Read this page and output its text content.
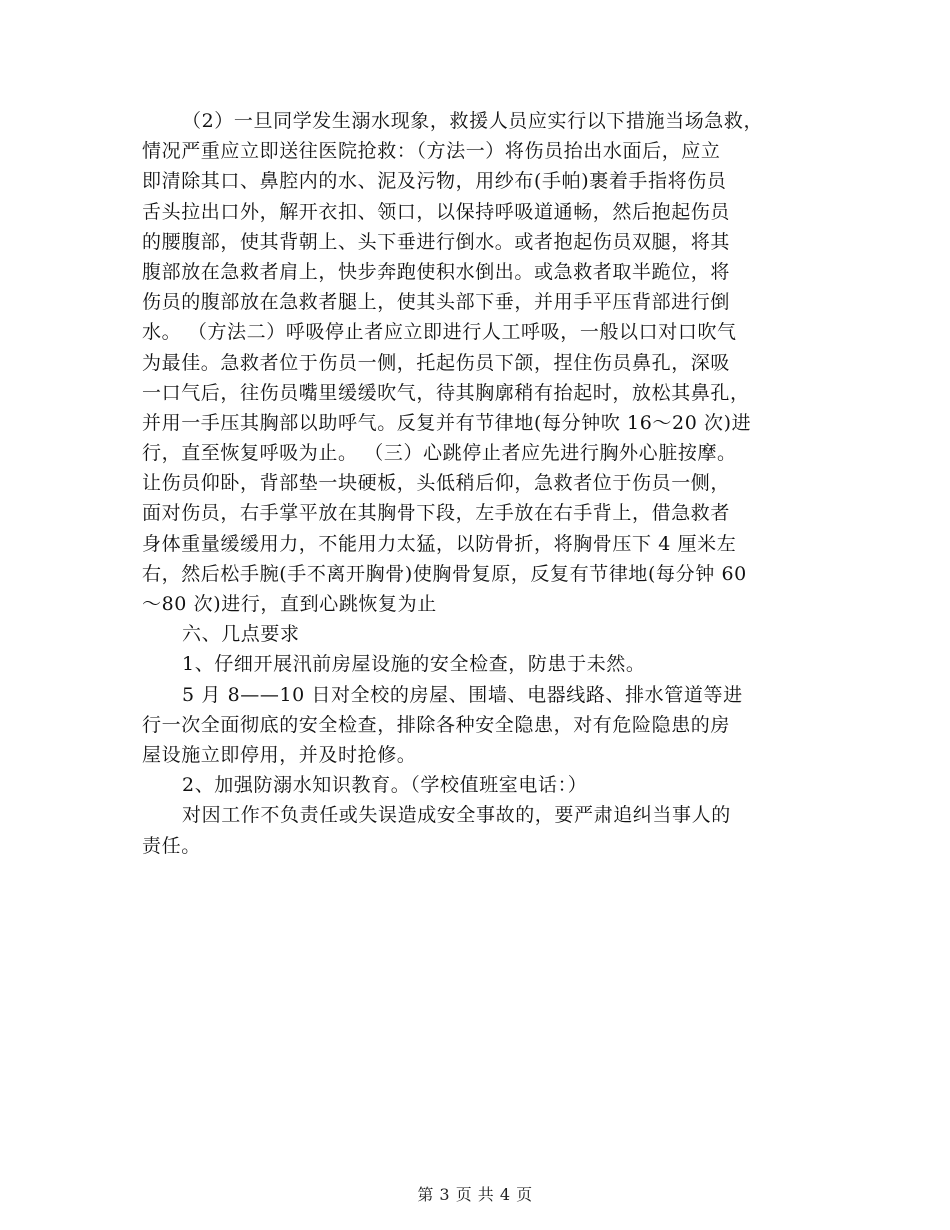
（2）一旦同学发生溺水现象，救援人员应实行以下措施当场急救，
情况严重应立即送往医院抢救：（方法一）将伤员抬出水面后，应立
即清除其口、鼻腔内的水、泥及污物，用纱布(手帕)裹着手指将伤员
舌头拉出口外，解开衣扣、领口，以保持呼吸道通畅，然后抱起伤员
的腰腹部，使其背朝上、头下垂进行倒水。或者抱起伤员双腿，将其
腹部放在急救者肩上，快步奔跑使积水倒出。或急救者取半跪位，将
伤员的腹部放在急救者腿上，使其头部下垂，并用手平压背部进行倒
水。 （方法二）呼吸停止者应立即进行人工呼吸，一般以口对口吹气
为最佳。急救者位于伤员一侧，托起伤员下颌，捏住伤员鼻孔，深吸
一口气后，往伤员嘴里缓缓吹气，待其胸廓稍有抬起时，放松其鼻孔，
并用一手压其胸部以助呼气。反复并有节律地(每分钟吹 16～20 次)进
行，直至恢复呼吸为止。 （三）心跳停止者应先进行胸外心脏按摩。
让伤员仰卧，背部垫一块硬板，头低稍后仰，急救者位于伤员一侧，
面对伤员，右手掌平放在其胸骨下段，左手放在右手背上，借急救者
身体重量缓缓用力，不能用力太猛，以防骨折，将胸骨压下 4 厘米左
右，然后松手腕(手不离开胸骨)使胸骨复原，反复有节律地(每分钟 60
～80 次)进行，直到心跳恢复为止
六、几点要求
1、仔细开展汛前房屋设施的安全检查，防患于未然。
5 月 8——10 日对全校的房屋、围墙、电器线路、排水管道等进
行一次全面彻底的安全检查，排除各种安全隐患，对有危险隐患的房
屋设施立即停用，并及时抢修。
2、加强防溺水知识教育。（学校值班室电话：）
对因工作不负责任或失误造成安全事故的，要严肃追纠当事人的
责任。
第 3 页 共 4 页
